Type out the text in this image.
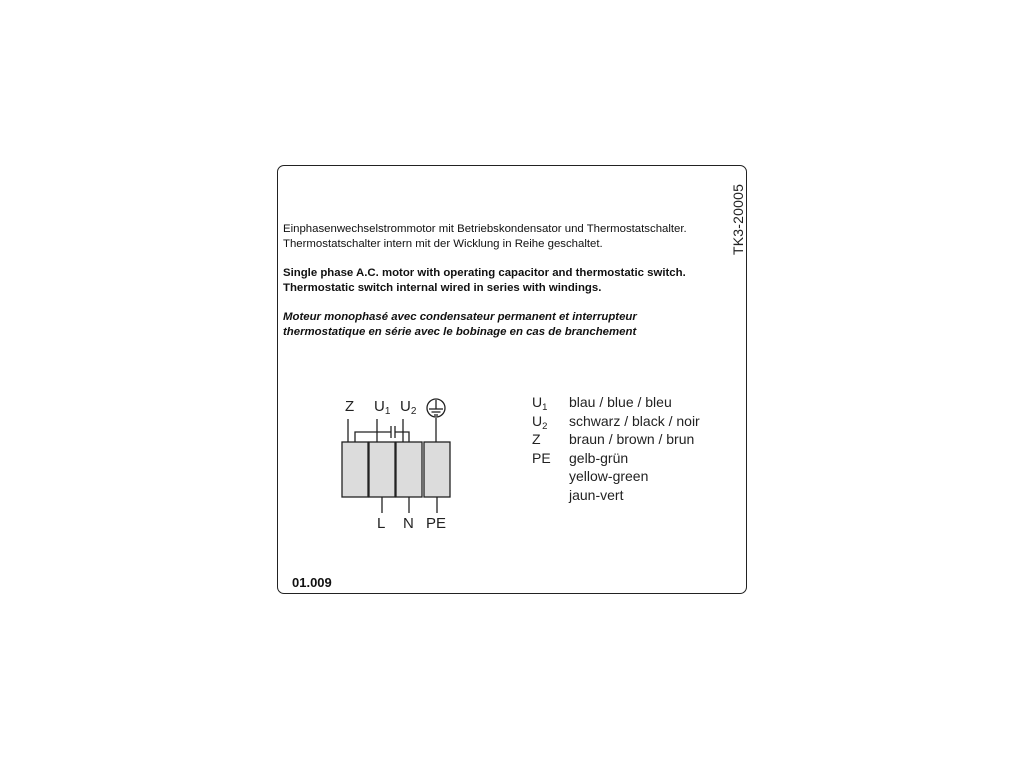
TK3-20005
Einphasenwechselstrommotor mit Betriebskondensator und Thermostatschalter.
Thermostatschalter intern mit der Wicklung in Reihe geschaltet.
Single phase A.C. motor with operating capacitor and thermostatic switch.
Thermostatic switch internal wired in series with windings.
Moteur monophasé avec condensateur permanent et interrupteur
thermostatique en série avec le bobinage en cas de branchement
Z $U_1$ $U_2$
L N PE
$U_1$	blau / blue / bleu
$U_2$	schwarz / black / noir
Z	braun / brown / brun
PE	gelb-grün
yellow-green
jaun-vert
01.009
